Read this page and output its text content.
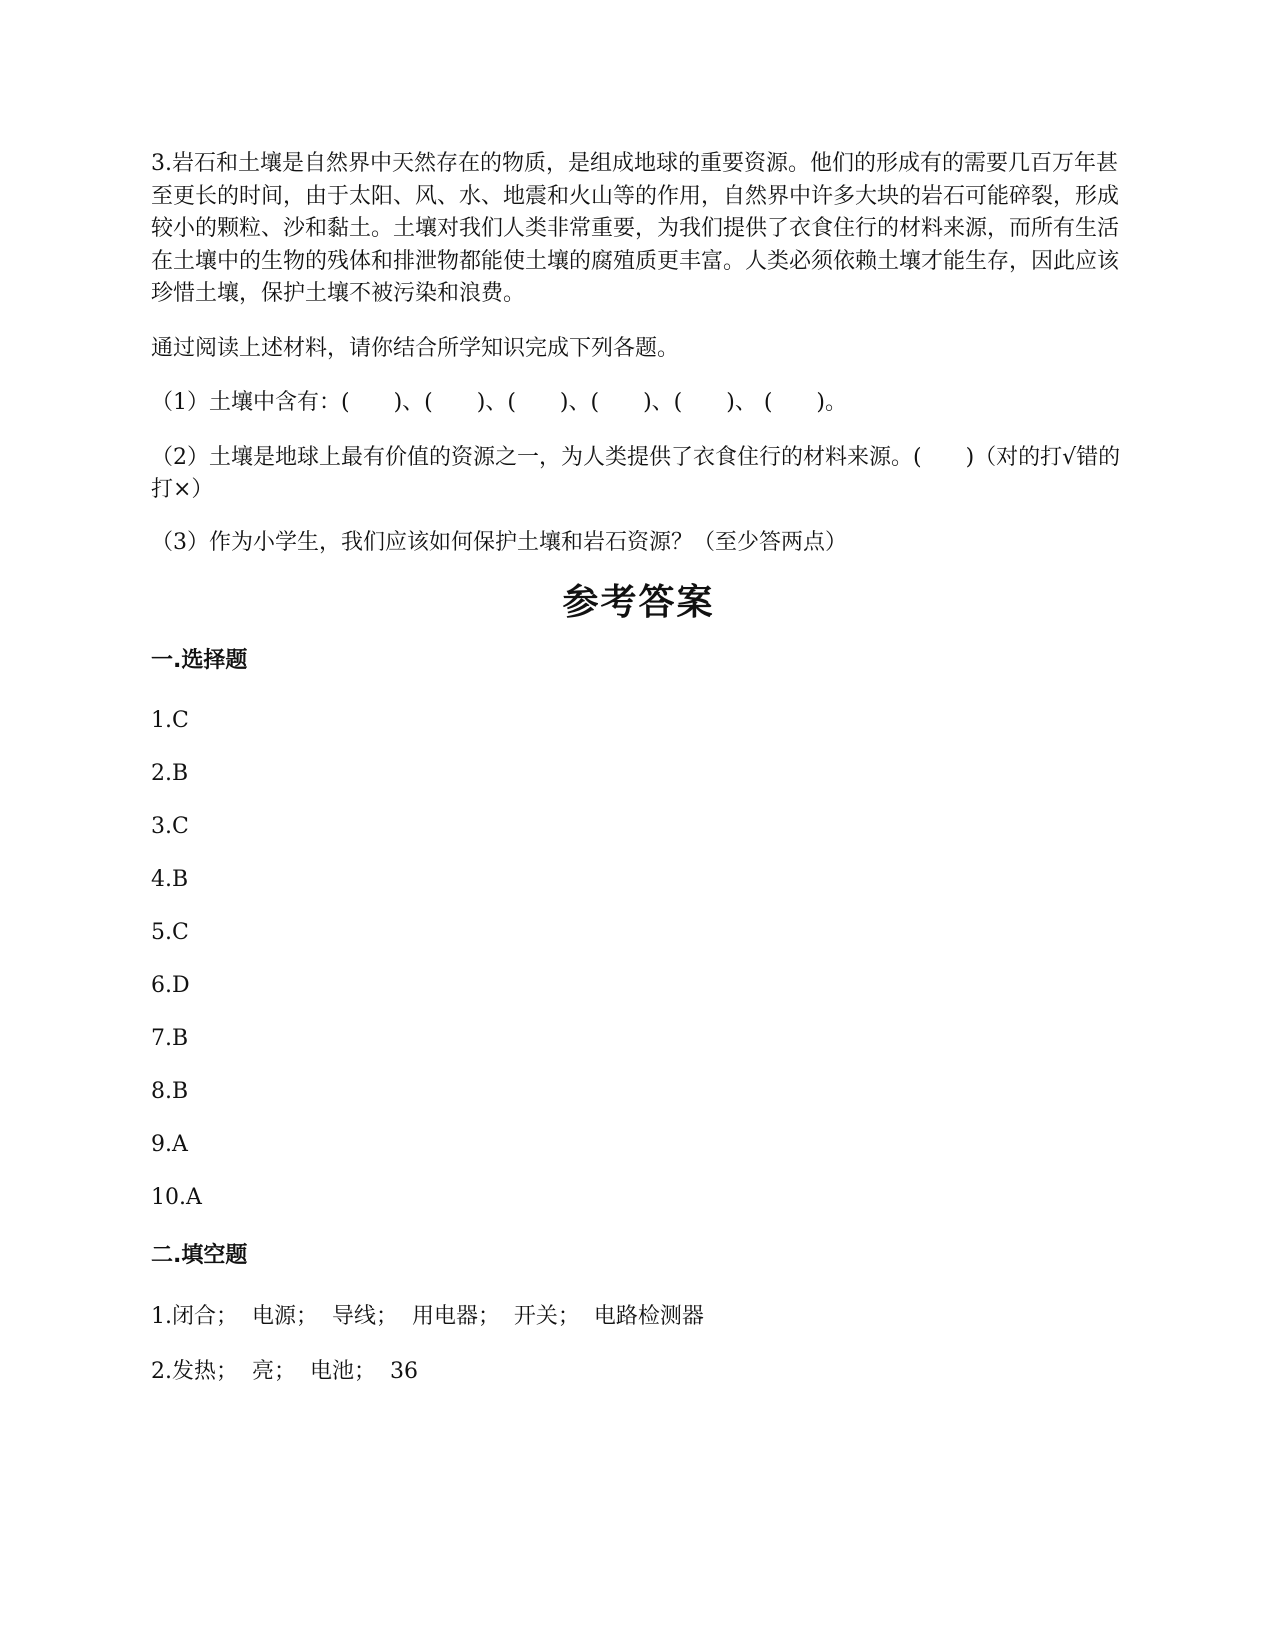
3.岩石和土壤是自然界中天然存在的物质，是组成地球的重要资源。他们的形成有的需要几百万年甚至更长的时间，由于太阳、风、水、地震和火山等的作用，自然界中许多大块的岩石可能碎裂，形成较小的颗粒、沙和黏土。土壤对我们人类非常重要，为我们提供了衣食住行的材料来源，而所有生活在土壤中的生物的残体和排泄物都能使土壤的腐殖质更丰富。人类必须依赖土壤才能生存，因此应该珍惜土壤，保护土壤不被污染和浪费。

通过阅读上述材料，请你结合所学知识完成下列各题。

（1）土壤中含有：(　　)、(　　)、(　　)、(　　)、(　　)、 (　　)。

（2）土壤是地球上最有价值的资源之一，为人类提供了衣食住行的材料来源。(　　)（对的打√错的打×）

（3）作为小学生，我们应该如何保护土壤和岩石资源？（至少答两点）

参考答案
一.选择题
1.C
2.B
3.C
4.B
5.C
6.D
7.B
8.B
9.A
10.A
二.填空题
1.闭合；  电源；  导线；  用电器；  开关；  电路检测器
2.发热；  亮；  电池；  36
